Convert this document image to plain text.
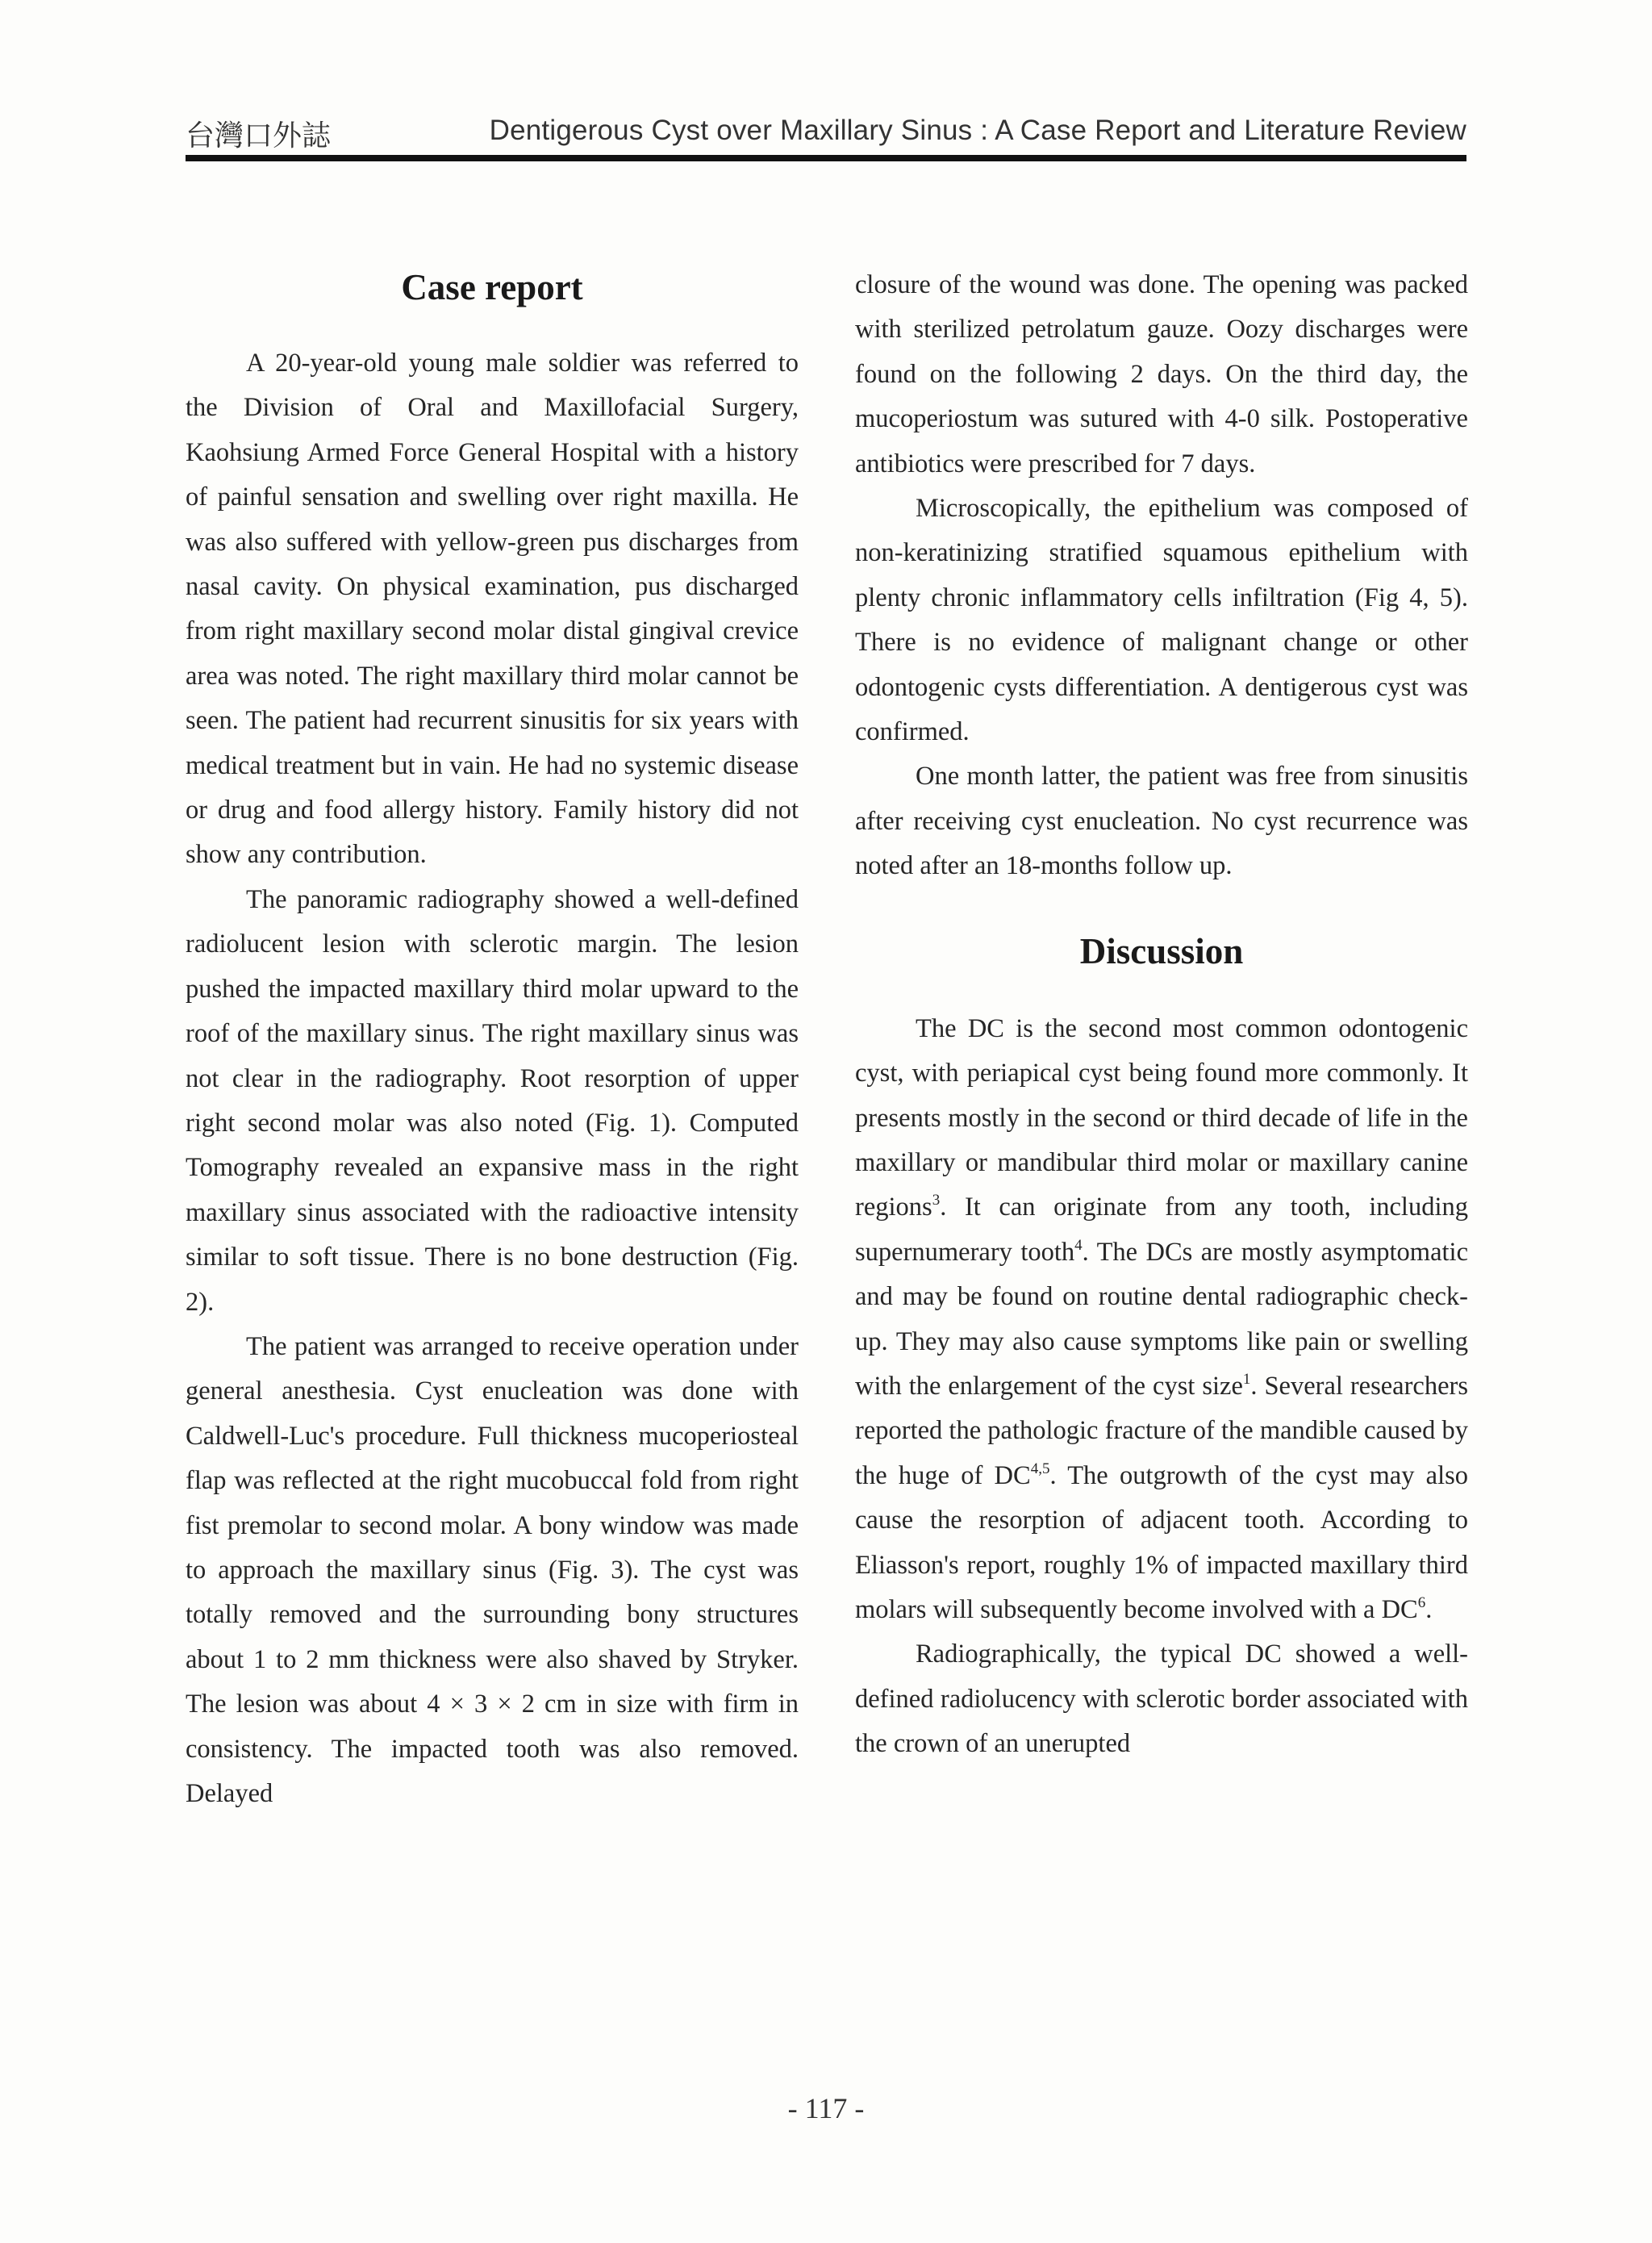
台灣口外誌	Dentigerous Cyst over Maxillary Sinus : A Case Report and Literature Review
Case report

A 20-year-old young male soldier was referred to the Division of Oral and Maxillofacial Surgery, Kaohsiung Armed Force General Hospital with a history of painful sensation and swelling over right maxilla. He was also suffered with yellow-green pus discharges from nasal cavity. On physical examination, pus discharged from right maxillary second molar distal gingival crevice area was noted. The right maxillary third molar cannot be seen. The patient had recurrent sinusitis for six years with medical treatment but in vain. He had no systemic disease or drug and food allergy history. Family history did not show any contribution.

The panoramic radiography showed a well-defined radiolucent lesion with sclerotic margin. The lesion pushed the impacted maxillary third molar upward to the roof of the maxillary sinus. The right maxillary sinus was not clear in the radiography. Root resorption of upper right second molar was also noted (Fig. 1). Computed Tomography revealed an expansive mass in the right maxillary sinus associated with the radioactive intensity similar to soft tissue. There is no bone destruction (Fig. 2).

The patient was arranged to receive operation under general anesthesia. Cyst enucleation was done with Caldwell-Luc's procedure. Full thickness mucoperiosteal flap was reflected at the right mucobuccal fold from right fist premolar to second molar. A bony window was made to approach the maxillary sinus (Fig. 3). The cyst was totally removed and the surrounding bony structures about 1 to 2 mm thickness were also shaved by Stryker. The lesion was about 4 × 3 × 2 cm in size with firm in consistency. The impacted tooth was also removed. Delayed

closure of the wound was done. The opening was packed with sterilized petrolatum gauze. Oozy discharges were found on the following 2 days. On the third day, the mucoperiostum was sutured with 4-0 silk. Postoperative antibiotics were prescribed for 7 days.

Microscopically, the epithelium was composed of non-keratinizing stratified squamous epithelium with plenty chronic inflammatory cells infiltration (Fig 4, 5). There is no evidence of malignant change or other odontogenic cysts differentiation. A dentigerous cyst was confirmed.

One month latter, the patient was free from sinusitis after receiving cyst enucleation. No cyst recurrence was noted after an 18-months follow up.

Discussion

The DC is the second most common odontogenic cyst, with periapical cyst being found more commonly. It presents mostly in the second or third decade of life in the maxillary or mandibular third molar or maxillary canine regions$^3$. It can originate from any tooth, including supernumerary tooth$^4$. The DCs are mostly asymptomatic and may be found on routine dental radiographic check-up. They may also cause symptoms like pain or swelling with the enlargement of the cyst size$^1$. Several researchers reported the pathologic fracture of the mandible caused by the huge of DC$^{4,5}$. The outgrowth of the cyst may also cause the resorption of adjacent tooth. According to Eliasson's report, roughly 1% of impacted maxillary third molars will subsequently become involved with a $DC^6$.

Radiographically, the typical DC showed a well-defined radiolucency with sclerotic border associated with the crown of an unerupted

- 117 -
